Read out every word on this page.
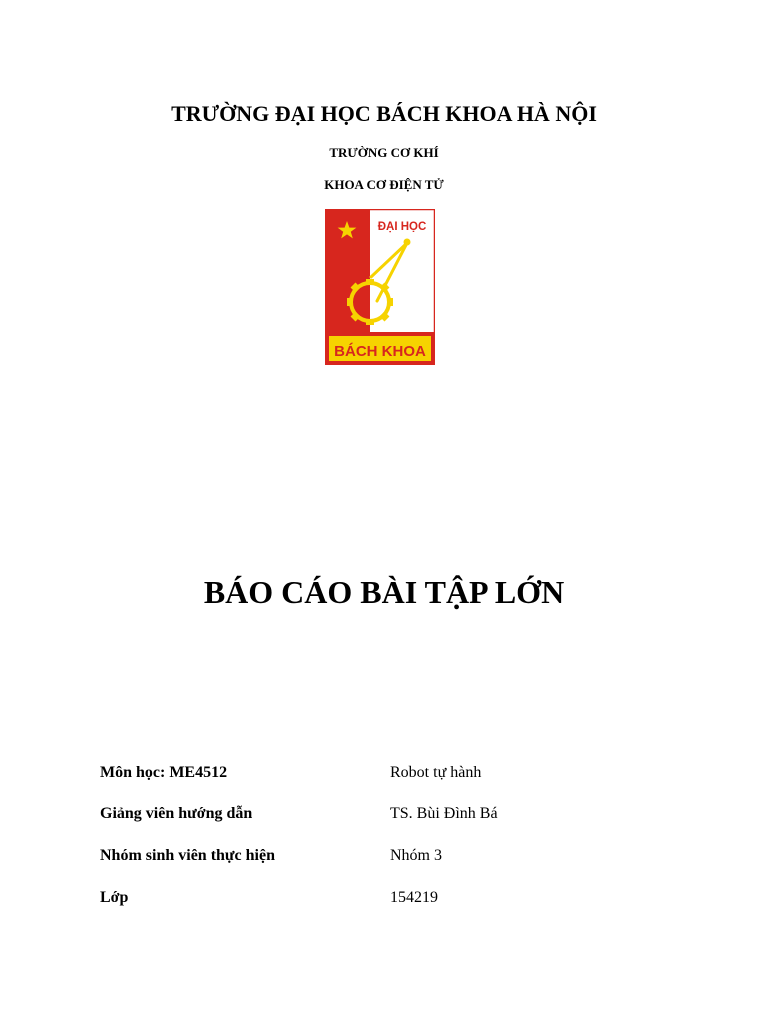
TRƯỜNG ĐẠI HỌC BÁCH KHOA HÀ NỘI
TRƯỜNG CƠ KHÍ
KHOA CƠ ĐIỆN TỬ
ĐẠI HỌC
BÁCH KHOA
BÁO CÁO BÀI TẬP LỚN
Môn học: ME4512	Robot tự hành
Giảng viên hướng dẫn	TS. Bùi Đình Bá
Nhóm sinh viên thực hiện	Nhóm 3
Lớp	154219
